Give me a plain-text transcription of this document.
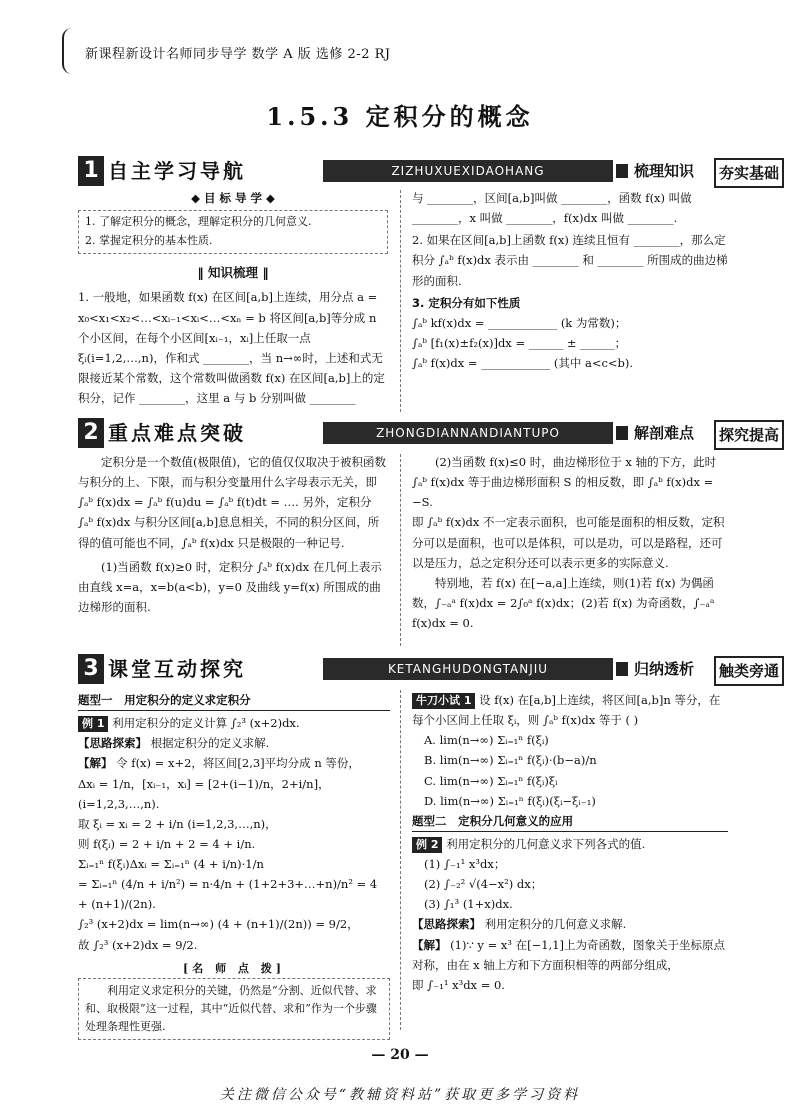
新课程新设计名师同步导学 数学 A 版 选修 2-2 RJ
1.5.3 定积分的概念
1 自主学习导航	ZIZHUXUEXIDAOHANG	梳理知识	夯实基础
◆ 目 标 导 学 ◆

1. 了解定积分的概念，理解定积分的几何意义.

2. 掌握定积分的基本性质.

‖ 知识梳理 ‖

1. 一般地，如果函数 f(x) 在区间[a,b]上连续，用分点 a = x₀<x₁<x₂<…<xᵢ₋₁<xᵢ<…<xₙ = b 将区间[a,b]等分成 n 个小区间，在每个小区间[xᵢ₋₁，xᵢ]上任取一点 ξᵢ(i=1,2,…,n)，作和式 ________，当 n→∞时，上述和式无限接近某个常数，这个常数叫做函数 f(x) 在区间[a,b]上的定积分，记作 ________，这里 a 与 b 分别叫做 ________

与 ________，区间[a,b]叫做 ________，函数 f(x) 叫做 ________，x 叫做 ________，f(x)dx 叫做 ________.

2. 如果在区间[a,b]上函数 f(x) 连续且恒有 ________，那么定积分 ∫ₐᵇ f(x)dx 表示由 ________ 和 ________ 所围成的曲边梯形的面积.

3. 定积分有如下性质

∫ₐᵇ kf(x)dx = ____________ (k 为常数)；

∫ₐᵇ [f₁(x)±f₂(x)]dx = ______ ± ______；

∫ₐᵇ f(x)dx = ____________ (其中 a<c<b).

2 重点难点突破	ZHONGDIANNANDIANTUPO	解剖难点	探究提高

定积分是一个数值(极限值)，它的值仅仅取决于被积函数与积分的上、下限，而与积分变量用什么字母表示无关，即 ∫ₐᵇ f(x)dx = ∫ₐᵇ f(u)du = ∫ₐᵇ f(t)dt = …. 另外，定积分 ∫ₐᵇ f(x)dx 与积分区间[a,b]息息相关，不同的积分区间，所得的值可能也不同，∫ₐᵇ f(x)dx 只是极限的一种记号.

(1)当函数 f(x)≥0 时，定积分 ∫ₐᵇ f(x)dx 在几何上表示由直线 x=a，x=b(a<b)，y=0 及曲线 y=f(x) 所围成的曲边梯形的面积.

(2)当函数 f(x)≤0 时，曲边梯形位于 x 轴的下方，此时 ∫ₐᵇ f(x)dx 等于曲边梯形面积 S 的相反数，即 ∫ₐᵇ f(x)dx = −S.

即 ∫ₐᵇ f(x)dx 不一定表示面积，也可能是面积的相反数，定积分可以是面积，也可以是体积，可以是功，可以是路程，还可以是压力，总之定积分还可以表示更多的实际意义.

特别地，若 f(x) 在[−a,a]上连续，则(1)若 f(x) 为偶函数，∫₋ₐᵃ f(x)dx = 2∫₀ᵃ f(x)dx；(2)若 f(x) 为奇函数，∫₋ₐᵃ f(x)dx = 0.

3 课堂互动探究	KETANGHUDONGTANJIU	归纳透析	触类旁通

题型一 用定积分的定义求定积分

例 1 利用定积分的定义计算 ∫₂³ (x+2)dx.

【思路探索】 根据定积分的定义求解.

【解】 令 f(x) = x+2，将区间[2,3]平均分成 n 等份，

Δxᵢ = 1/n，[xᵢ₋₁，xᵢ] = [2+(i−1)/n，2+i/n]，(i=1,2,3,…,n).

取 ξᵢ = xᵢ = 2 + i/n (i=1,2,3,…,n)，

则 f(ξᵢ) = 2 + i/n + 2 = 4 + i/n.

Σᵢ₌₁ⁿ f(ξᵢ)Δxᵢ = Σᵢ₌₁ⁿ (4 + i/n)·1/n

= Σᵢ₌₁ⁿ (4/n + i/n²) = n·4/n + (1+2+3+…+n)/n² = 4 + (n+1)/(2n).

∫₂³ (x+2)dx = lim(n→∞) (4 + (n+1)/(2n)) = 9/2，

故 ∫₂³ (x+2)dx = 9/2.

[名 师 点 拨]
利用定义求定积分的关键，仍然是“分割、近似代替、求和、取极限”这一过程，其中“近似代替、求和”作为一个步骤处理条理性更强.

牛刀小试 1 设 f(x) 在[a,b]上连续，将区间[a,b]n 等分，在每个小区间上任取 ξᵢ，则 ∫ₐᵇ f(x)dx 等于 ( )

A. lim(n→∞) Σᵢ₌₁ⁿ f(ξᵢ)

B. lim(n→∞) Σᵢ₌₁ⁿ f(ξᵢ)·(b−a)/n

C. lim(n→∞) Σᵢ₌₁ⁿ f(ξᵢ)ξᵢ

D. lim(n→∞) Σᵢ₌₁ⁿ f(ξᵢ)(ξᵢ−ξᵢ₋₁)

题型二 定积分几何意义的应用

例 2 利用定积分的几何意义求下列各式的值.

(1) ∫₋₁¹ x³dx；

(2) ∫₋₂² √(4−x²) dx；

(3) ∫₁³ (1+x)dx.

【思路探索】 利用定积分的几何意义求解.

【解】 (1)∵ y = x³ 在[−1,1]上为奇函数，图象关于坐标原点对称，由在 x 轴上方和下方面积相等的两部分组成，

即 ∫₋₁¹ x³dx = 0.

— 20 —
关注微信公众号“教辅资料站”获取更多学习资料
